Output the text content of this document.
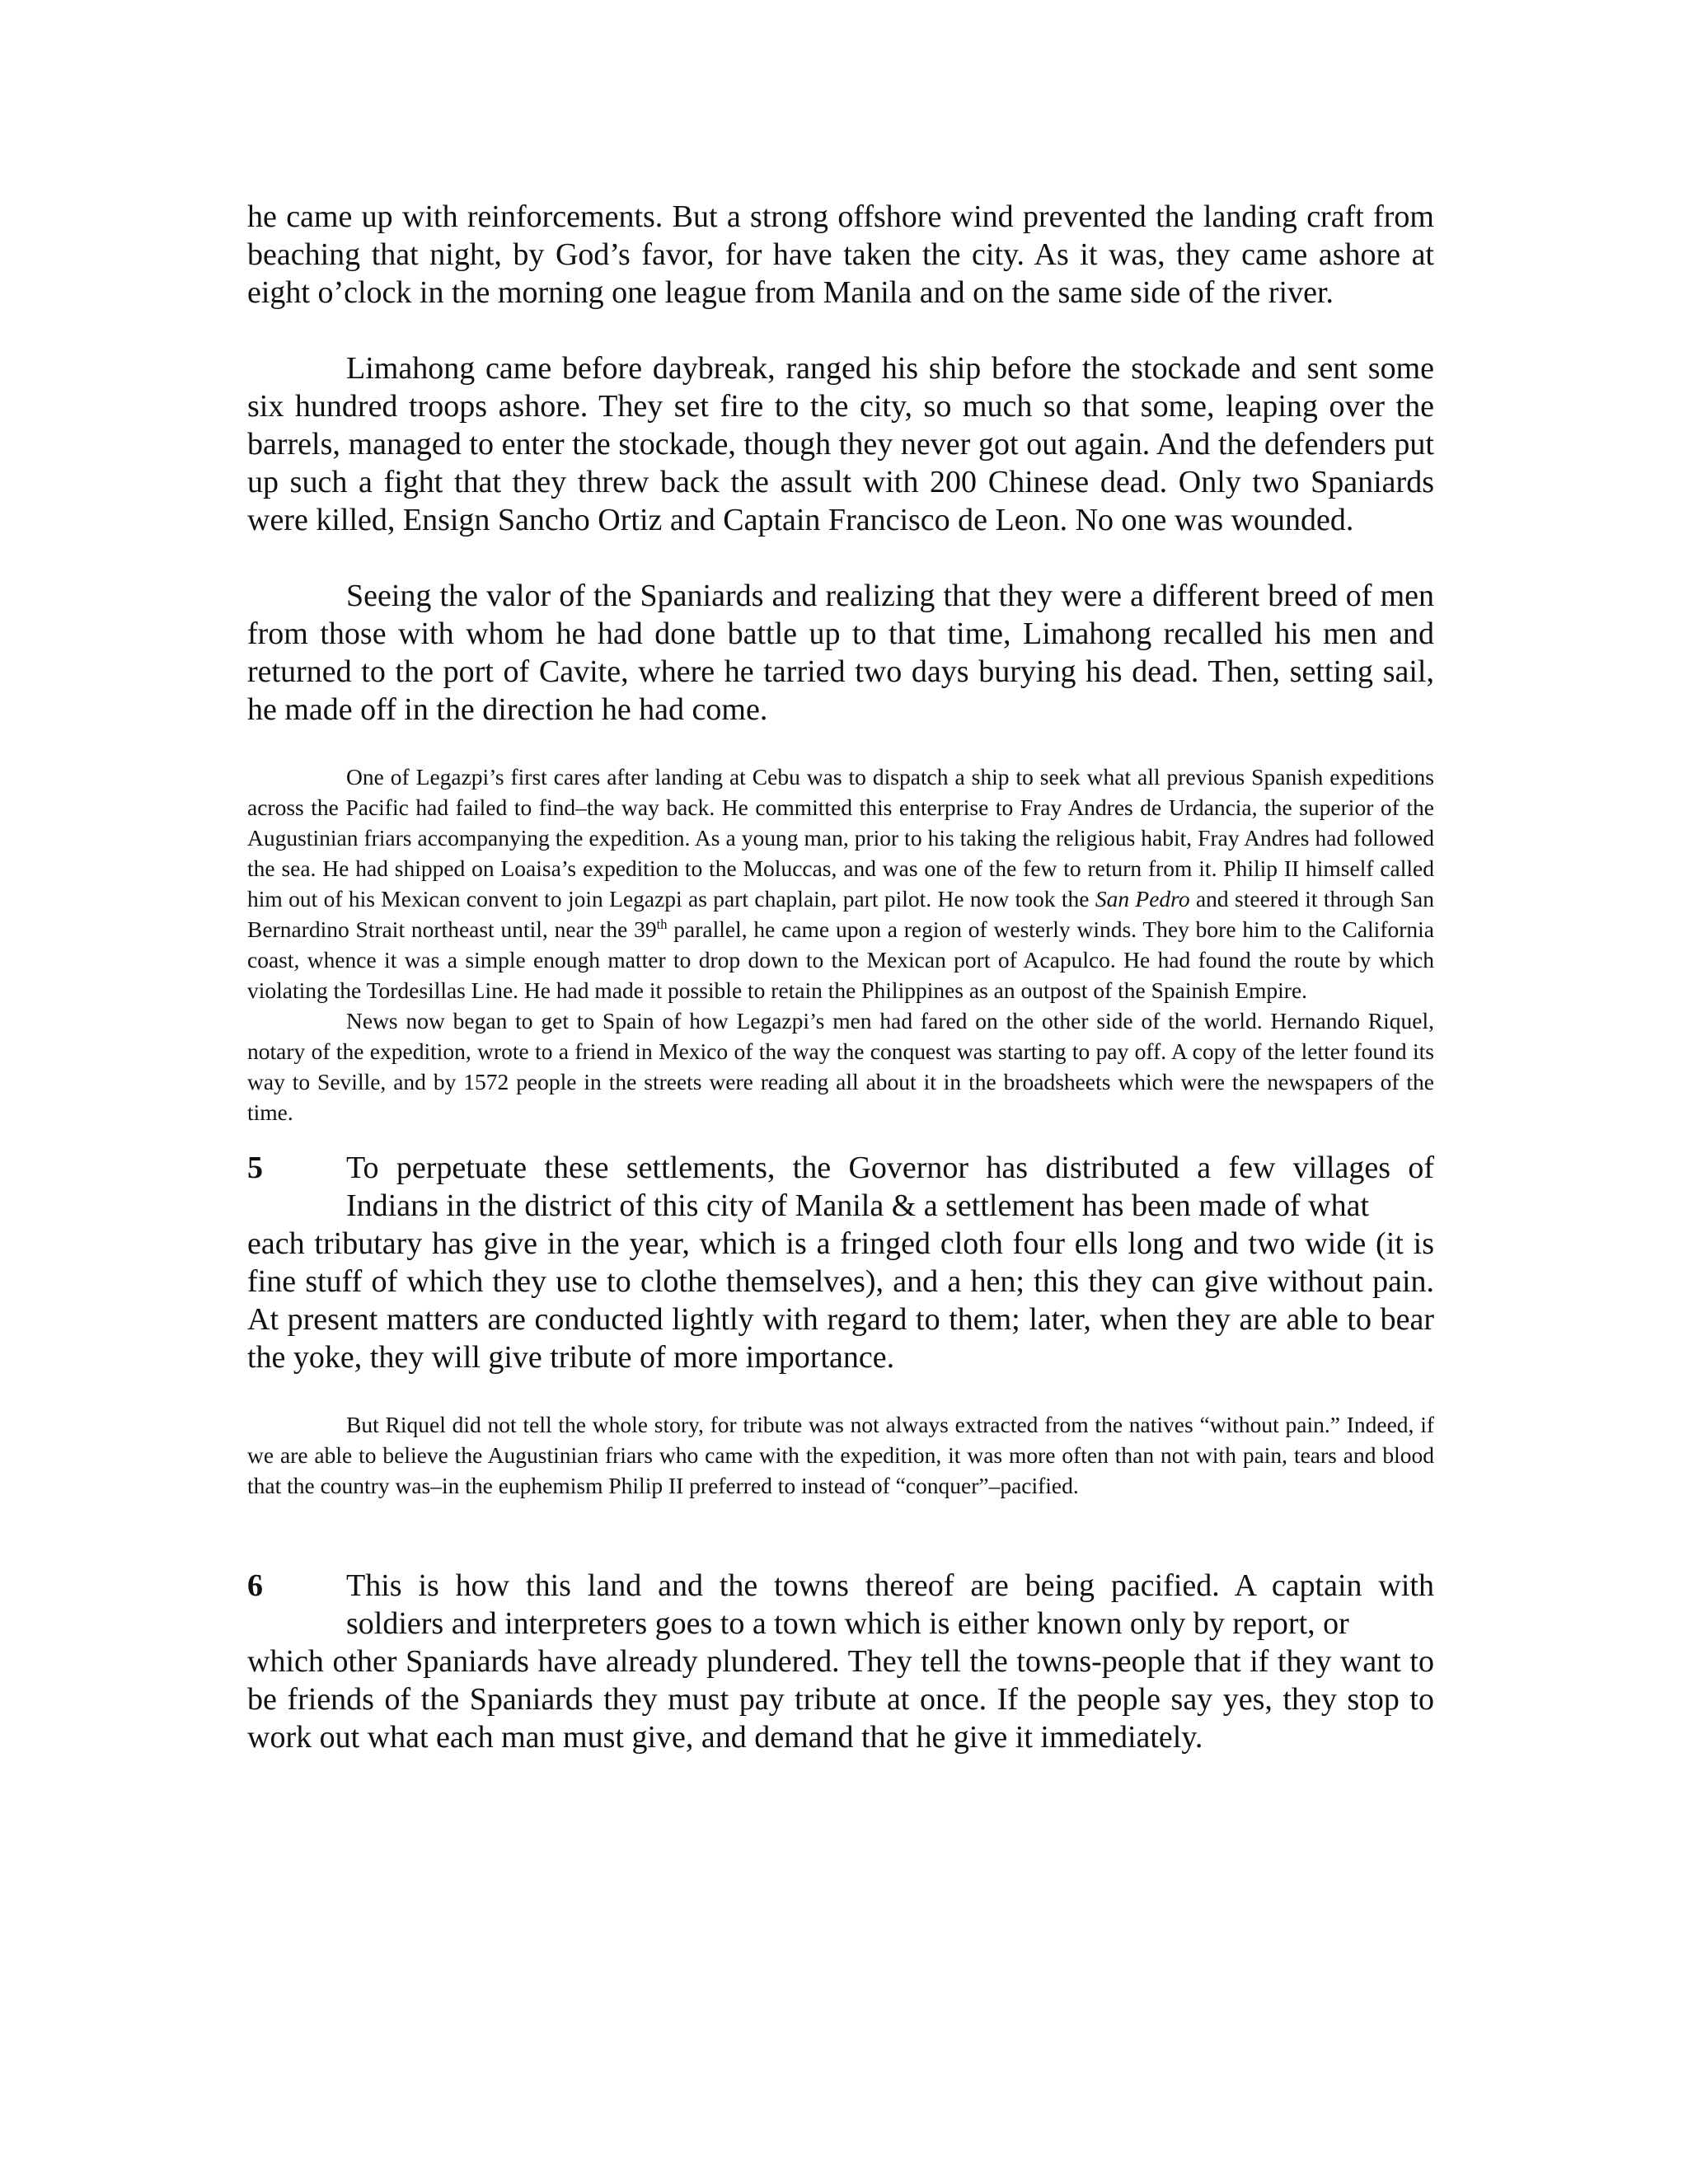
he came up with reinforcements. But a strong offshore wind prevented the landing craft from beaching that night, by God’s favor, for have taken the city. As it was, they came ashore at eight o’clock in the morning one league from Manila and on the same side of the river.

Limahong came before daybreak, ranged his ship before the stockade and sent some six hundred troops ashore. They set fire to the city, so much so that some, leaping over the barrels, managed to enter the stockade, though they never got out again. And the defenders put up such a fight that they threw back the assult with 200 Chinese dead. Only two Spaniards were killed, Ensign Sancho Ortiz and Captain Francisco de Leon. No one was wounded.

Seeing the valor of the Spaniards and realizing that they were a different breed of men from those with whom he had done battle up to that time, Limahong recalled his men and returned to the port of Cavite, where he tarried two days burying his dead. Then, setting sail, he made off in the direction he had come.

One of Legazpi’s first cares after landing at Cebu was to dispatch a ship to seek what all previous Spanish expeditions across the Pacific had failed to find–the way back. He committed this enterprise to Fray Andres de Urdancia, the superior of the Augustinian friars accompanying the expedition. As a young man, prior to his taking the religious habit, Fray Andres had followed the sea. He had shipped on Loaisa’s expedition to the Moluccas, and was one of the few to return from it. Philip II himself called him out of his Mexican convent to join Legazpi as part chaplain, part pilot. He now took the San Pedro and steered it through San Bernardino Strait northeast until, near the 39th parallel, he came upon a region of westerly winds. They bore him to the California coast, whence it was a simple enough matter to drop down to the Mexican port of Acapulco. He had found the route by which violating the Tordesillas Line. He had made it possible to retain the Philippines as an outpost of the Spainish Empire.

News now began to get to Spain of how Legazpi’s men had fared on the other side of the world. Hernando Riquel, notary of the expedition, wrote to a friend in Mexico of the way the conquest was starting to pay off. A copy of the letter found its way to Seville, and by 1572 people in the streets were reading all about it in the broadsheets which were the newspapers of the time.

5	To perpetuate these settlements, the Governor has distributed a few villages of

Indians in the district of this city of Manila & a settlement has been made of what

each tributary has give in the year, which is a fringed cloth four ells long and two wide (it is fine stuff of which they use to clothe themselves), and a hen; this they can give without pain. At present matters are conducted lightly with regard to them; later, when they are able to bear the yoke, they will give tribute of more importance.

But Riquel did not tell the whole story, for tribute was not always extracted from the natives “without pain.” Indeed, if we are able to believe the Augustinian friars who came with the expedition, it was more often than not with pain, tears and blood that the country was–in the euphemism Philip II preferred to instead of “conquer”–pacified.

6	This is how this land and the towns thereof are being pacified. A captain with

soldiers and interpreters goes to a town which is either known only by report, or

which other Spaniards have already plundered. They tell the towns-people that if they want to be friends of the Spaniards they must pay tribute at once. If the people say yes, they stop to work out what each man must give, and demand that he give it immediately.
